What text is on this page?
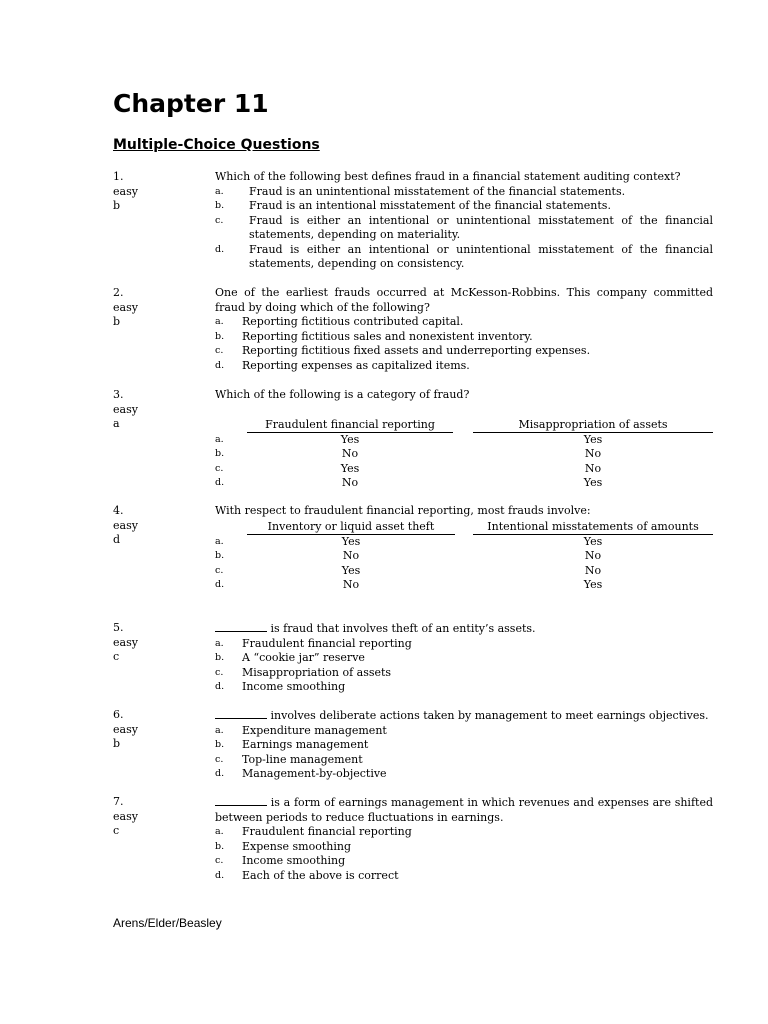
Chapter 11
Multiple-Choice Questions
1.
easy
b
Which of the following best defines fraud in a financial statement auditing context?
a. Fraud is an unintentional misstatement of the financial statements.
b. Fraud is an intentional misstatement of the financial statements.
c. Fraud is either an intentional or unintentional misstatement of the financial statements, depending on materiality.
d. Fraud is either an intentional or unintentional misstatement of the financial statements, depending on consistency.
2.
easy
b
One of the earliest frauds occurred at McKesson-Robbins. This company committed fraud by doing which of the following?
a. Reporting fictitious contributed capital.
b. Reporting fictitious sales and nonexistent inventory.
c. Reporting fictitious fixed assets and underreporting expenses.
d. Reporting expenses as capitalized items.
3.
easy
a
Which of the following is a category of fraud?
Fraudulent financial reporting	Misappropriation of assets
a.	Yes	Yes
b.	No	No
c.	Yes	No
d.	No	Yes
4.
easy
d
With respect to fraudulent financial reporting, most frauds involve:
Inventory or liquid asset theft	Intentional misstatements of amounts
a.	Yes	Yes
b.	No	No
c.	Yes	No
d.	No	Yes
5.
easy
c
is fraud that involves theft of an entity’s assets.
a. Fraudulent financial reporting
b. A “cookie jar” reserve
c. Misappropriation of assets
d. Income smoothing
6.
easy
b
involves deliberate actions taken by management to meet earnings objectives.
a. Expenditure management
b. Earnings management
c. Top-line management
d. Management-by-objective
7.
easy
c
is a form of earnings management in which revenues and expenses are shifted between periods to reduce fluctuations in earnings.
a. Fraudulent financial reporting
b. Expense smoothing
c. Income smoothing
d. Each of the above is correct
Arens/Elder/Beasley
